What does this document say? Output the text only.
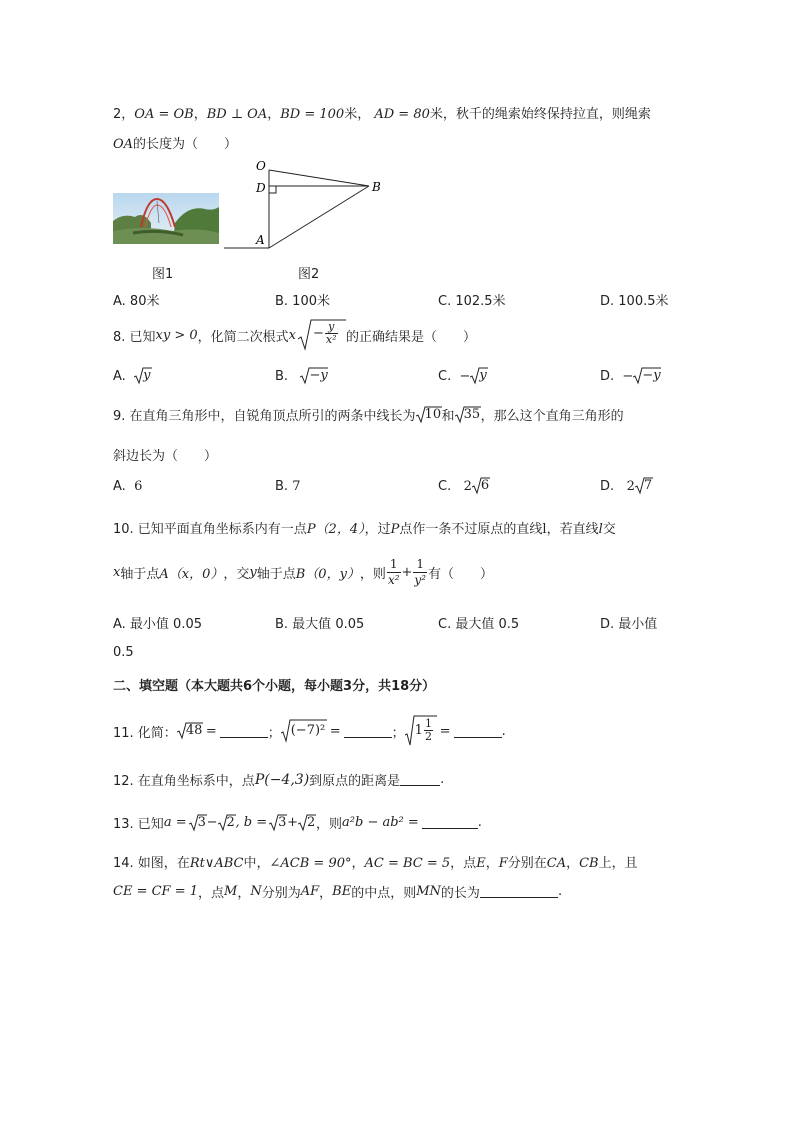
2，OA = OB，BD ⊥ OA，BD = 100米， AD = 80米，秋千的绳索始终保持拉直，则绳索
OA的长度为（　　）
图1
O
D
A
B
图2
A. 80米	B. 100米	C. 102.5米	D. 100.5米
8. 已知 xy > 0 ，化简二次根式 $x - \frac{y}{\text{x²}}$ 的正确结果是（　　）
A.
y	B.
−y	C.
− y	D.
− −y
9. 在直角三角形中，自锐角顶点所引的两条中线长为 10 和 35 ，那么这个直角三角形的
斜边长为（　　）
A. 6	B. 7	C.
2 6	D.
2 7
10. 已知平面直角坐标系内有一点P（2，4），过P点作一条不过原点的直线l，若直线l交
x 轴于点 A（x，0） ，交 y 轴于点 B（0，y） ，则 $\frac{1}{\text{x²}} + \frac{1}{\text{y²}}$ 有（　　）
A. 最小值 0.05	B. 最大值 0.05	C. 最大值 0.5	D. 最小值
0.5
二、填空题（本大题共6个小题，每小题3分，共18分）
11. 化简： 48 =	； (−7)² =	； $1 \frac{1}{2}$ =	.
12. 在直角坐标系中，点 P(−4,3) 到原点的距离是	.
13. 已知 a = 3 − 2 , b = 3 + 2 ，则 a²b − ab² =	.
14. 如图，在Rt∨ABC中，∠ACB = 90°，AC = BC = 5，点E，F分别在CA，CB上，且
CE = CF = 1 ，点 M ， N 分别为 AF ， BE 的中点，则 MN 的长为	.
